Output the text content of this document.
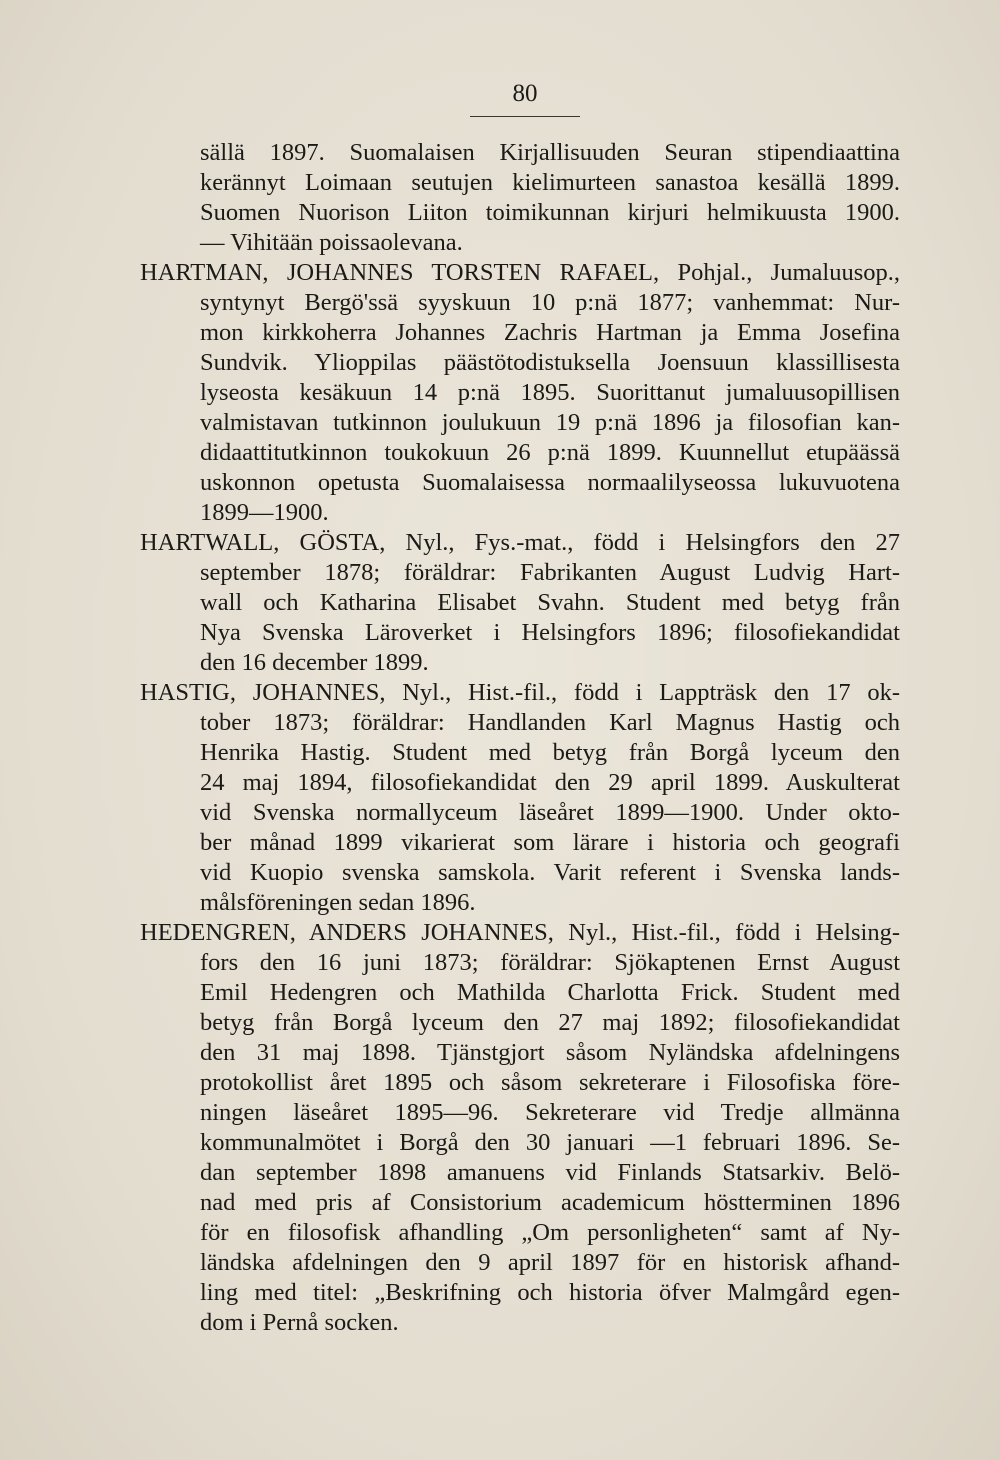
80
sällä 1897. Suomalaisen Kirjallisuuden Seuran stipendiaattina
kerännyt Loimaan seutujen kielimurteen sanastoa kesällä 1899.
Suomen Nuorison Liiton toimikunnan kirjuri helmikuusta 1900.
— Vihitään poissaolevana.
HARTMAN, JOHANNES TORSTEN RAFAEL, Pohjal., Jumaluusop.,
syntynyt Bergö'ssä syyskuun 10 p:nä 1877; vanhemmat: Nur-
mon kirkkoherra Johannes Zachris Hartman ja Emma Josefina
Sundvik. Ylioppilas päästötodistuksella Joensuun klassillisesta
lyseosta kesäkuun 14 p:nä 1895. Suorittanut jumaluusopillisen
valmistavan tutkinnon joulukuun 19 p:nä 1896 ja filosofian kan-
didaattitutkinnon toukokuun 26 p:nä 1899. Kuunnellut etupäässä
uskonnon opetusta Suomalaisessa normaalilyseossa lukuvuotena
1899—1900.
HARTWALL, GÖSTA, Nyl., Fys.-mat., född i Helsingfors den 27
september 1878; föräldrar: Fabrikanten August Ludvig Hart-
wall och Katharina Elisabet Svahn. Student med betyg från
Nya Svenska Läroverket i Helsingfors 1896; filosofiekandidat
den 16 december 1899.
HASTIG, JOHANNES, Nyl., Hist.-fil., född i Lappträsk den 17 ok-
tober 1873; föräldrar: Handlanden Karl Magnus Hastig och
Henrika Hastig. Student med betyg från Borgå lyceum den
24 maj 1894, filosofiekandidat den 29 april 1899. Auskulterat
vid Svenska normallyceum läseåret 1899—1900. Under okto-
ber månad 1899 vikarierat som lärare i historia och geografi
vid Kuopio svenska samskola. Varit referent i Svenska lands-
målsföreningen sedan 1896.
HEDENGREN, ANDERS JOHANNES, Nyl., Hist.-fil., född i Helsing-
fors den 16 juni 1873; föräldrar: Sjökaptenen Ernst August
Emil Hedengren och Mathilda Charlotta Frick. Student med
betyg från Borgå lyceum den 27 maj 1892; filosofiekandidat
den 31 maj 1898. Tjänstgjort såsom Nyländska afdelningens
protokollist året 1895 och såsom sekreterare i Filosofiska före-
ningen läseåret 1895—96. Sekreterare vid Tredje allmänna
kommunalmötet i Borgå den 30 januari —1 februari 1896. Se-
dan september 1898 amanuens vid Finlands Statsarkiv. Belö-
nad med pris af Consistorium academicum höstterminen 1896
för en filosofisk afhandling „Om personligheten“ samt af Ny-
ländska afdelningen den 9 april 1897 för en historisk afhand-
ling med titel: „Beskrifning och historia öfver Malmgård egen-
dom i Pernå socken.
